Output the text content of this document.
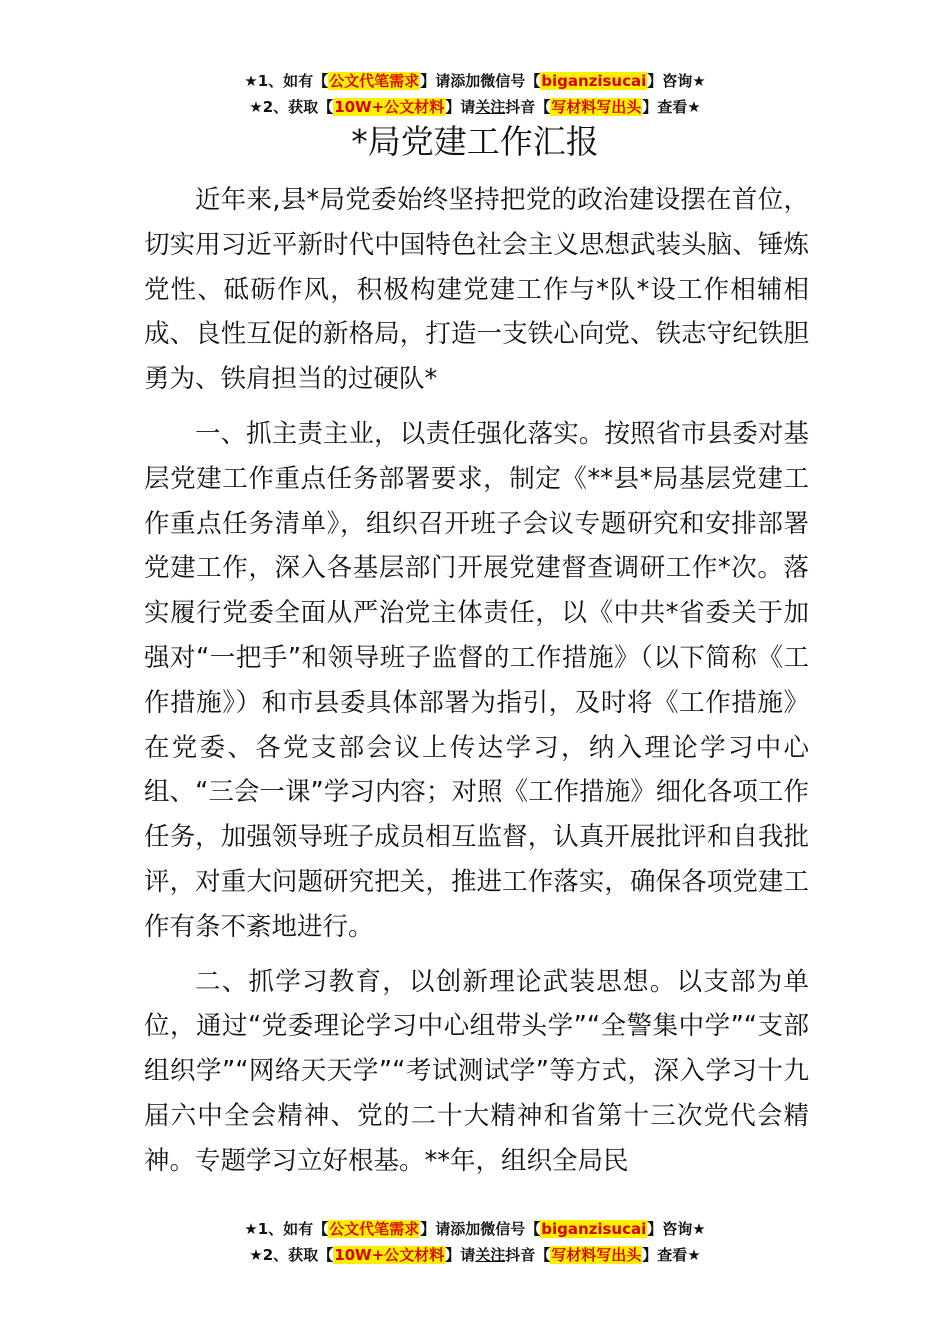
★1、如有【公文代笔需求】请添加微信号【biganzisucai】咨询★
★2、获取【10W+公文材料】请关注抖音【写材料写出头】查看★
*局党建工作汇报

近年来,县*局党委始终坚持把党的政治建设摆在首位，切实用习近平新时代中国特色社会主义思想武装头脑、锤炼党性、砥砺作风，积极构建党建工作与*队*设工作相辅相成、良性互促的新格局，打造一支铁心向党、铁志守纪铁胆勇为、铁肩担当的过硬队*

一、抓主责主业，以责任强化落实。按照省市县委对基层党建工作重点任务部署要求，制定《**县*局基层党建工作重点任务清单》，组织召开班子会议专题研究和安排部署党建工作，深入各基层部门开展党建督查调研工作*次。落实履行党委全面从严治党主体责任，以《中共*省委关于加强对“一把手”和领导班子监督的工作措施》（以下简称《工作措施》）和市县委具体部署为指引，及时将《工作措施》在党委、各党支部会议上传达学习，纳入理论学习中心组、“三会一课”学习内容；对照《工作措施》细化各项工作任务，加强领导班子成员相互监督，认真开展批评和自我批评，对重大问题研究把关，推进工作落实，确保各项党建工作有条不紊地进行。

二、抓学习教育，以创新理论武装思想。以支部为单位，通过“党委理论学习中心组带头学”“全警集中学”“支部组织学”“网络天天学”“考试测试学”等方式，深入学习十九届六中全会精神、党的二十大精神和省第十三次党代会精神。专题学习立好根基。**年，组织全局民

★1、如有【公文代笔需求】请添加微信号【biganzisucai】咨询★
★2、获取【10W+公文材料】请关注抖音【写材料写出头】查看★
